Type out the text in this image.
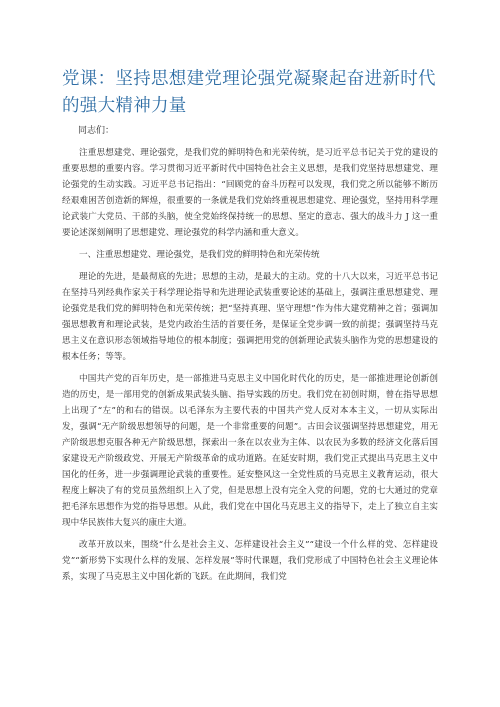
党课：坚持思想建党理论强党凝聚起奋进新时代的强大精神力量

同志们：

注重思想建党、理论强党，是我们党的鲜明特色和光荣传统，是习近平总书记关于党的建设的重要思想的重要内容。学习贯彻习近平新时代中国特色社会主义思想，是我们党坚持思想建党、理论强党的生动实践。习近平总书记指出：“回顾党的奋斗历程可以发现，我们党之所以能够不断历经艰难困苦创造新的辉煌，很重要的一条就是我们党始终重视思想建党、理论强党，坚持用科学理论武装广大党员、干部的头脑，使全党始终保持统一的思想、坚定的意志、强大的战斗力 J 这一重要论述深刻阐明了思想建党、理论强党的科学内涵和重大意义。

一、注重思想建党、理论强党，是我们党的鲜明特色和光荣传统

理论的先进，是最彻底的先进；思想的主动，是最大的主动。党的十八大以来，习近平总书记在坚持马列经典作家关于科学理论指导和先进理论武装重要论述的基础上，强调注重思想建党、理论强党是我们党的鲜明特色和光荣传统；把“坚持真理、坚守理想”作为伟大建党精神之首；强调加强思想教育和理论武装，是党内政治生活的首要任务，是保证全党步调一致的前提；强调坚持马克思主义在意识形态领域指导地位的根本制度；强调把用党的创新理论武装头脑作为党的思想建设的根本任务；等等。

中国共产党的百年历史，是一部推进马克思主义中国化时代化的历史，是一部推进理论创新创造的历史，是一部用党的创新成果武装头脑、指导实践的历史。我们党在初创时期，曾在指导思想上出现了“左”的和右的错误。以毛泽东为主要代表的中国共产党人反对本本主义，一切从实际出发，强调“无产阶级思想领导的问题，是一个非常重要的问题”。古田会议强调坚持思想建党，用无产阶级思想克服各种无产阶级思想，探索出一条在以农业为主体、以农民为多数的经济文化落后国家建设无产阶级政党、开展无产阶级革命的成功道路。在延安时期，我们党正式提出马克思主义中国化的任务，进一步强调理论武装的重要性。延安整风这一全党性质的马克思主义教育运动，很大程度上解决了有的党员虽然组织上入了党，但是思想上没有完全入党的问题，党的七大通过的党章把毛泽东思想作为党的指导思想。从此，我们党在中国化马克思主义的指导下，走上了独立自主实现中华民族伟大复兴的康庄大道。

改革开放以来，围绕“什么是社会主义、怎样建设社会主义”“建设一个什么样的党、怎样建设党”“新形势下实现什么样的发展、怎样发展”等时代课题，我们党形成了中国特色社会主义理论体系，实现了马克思主义中国化新的飞跃。在此期间，我们党
